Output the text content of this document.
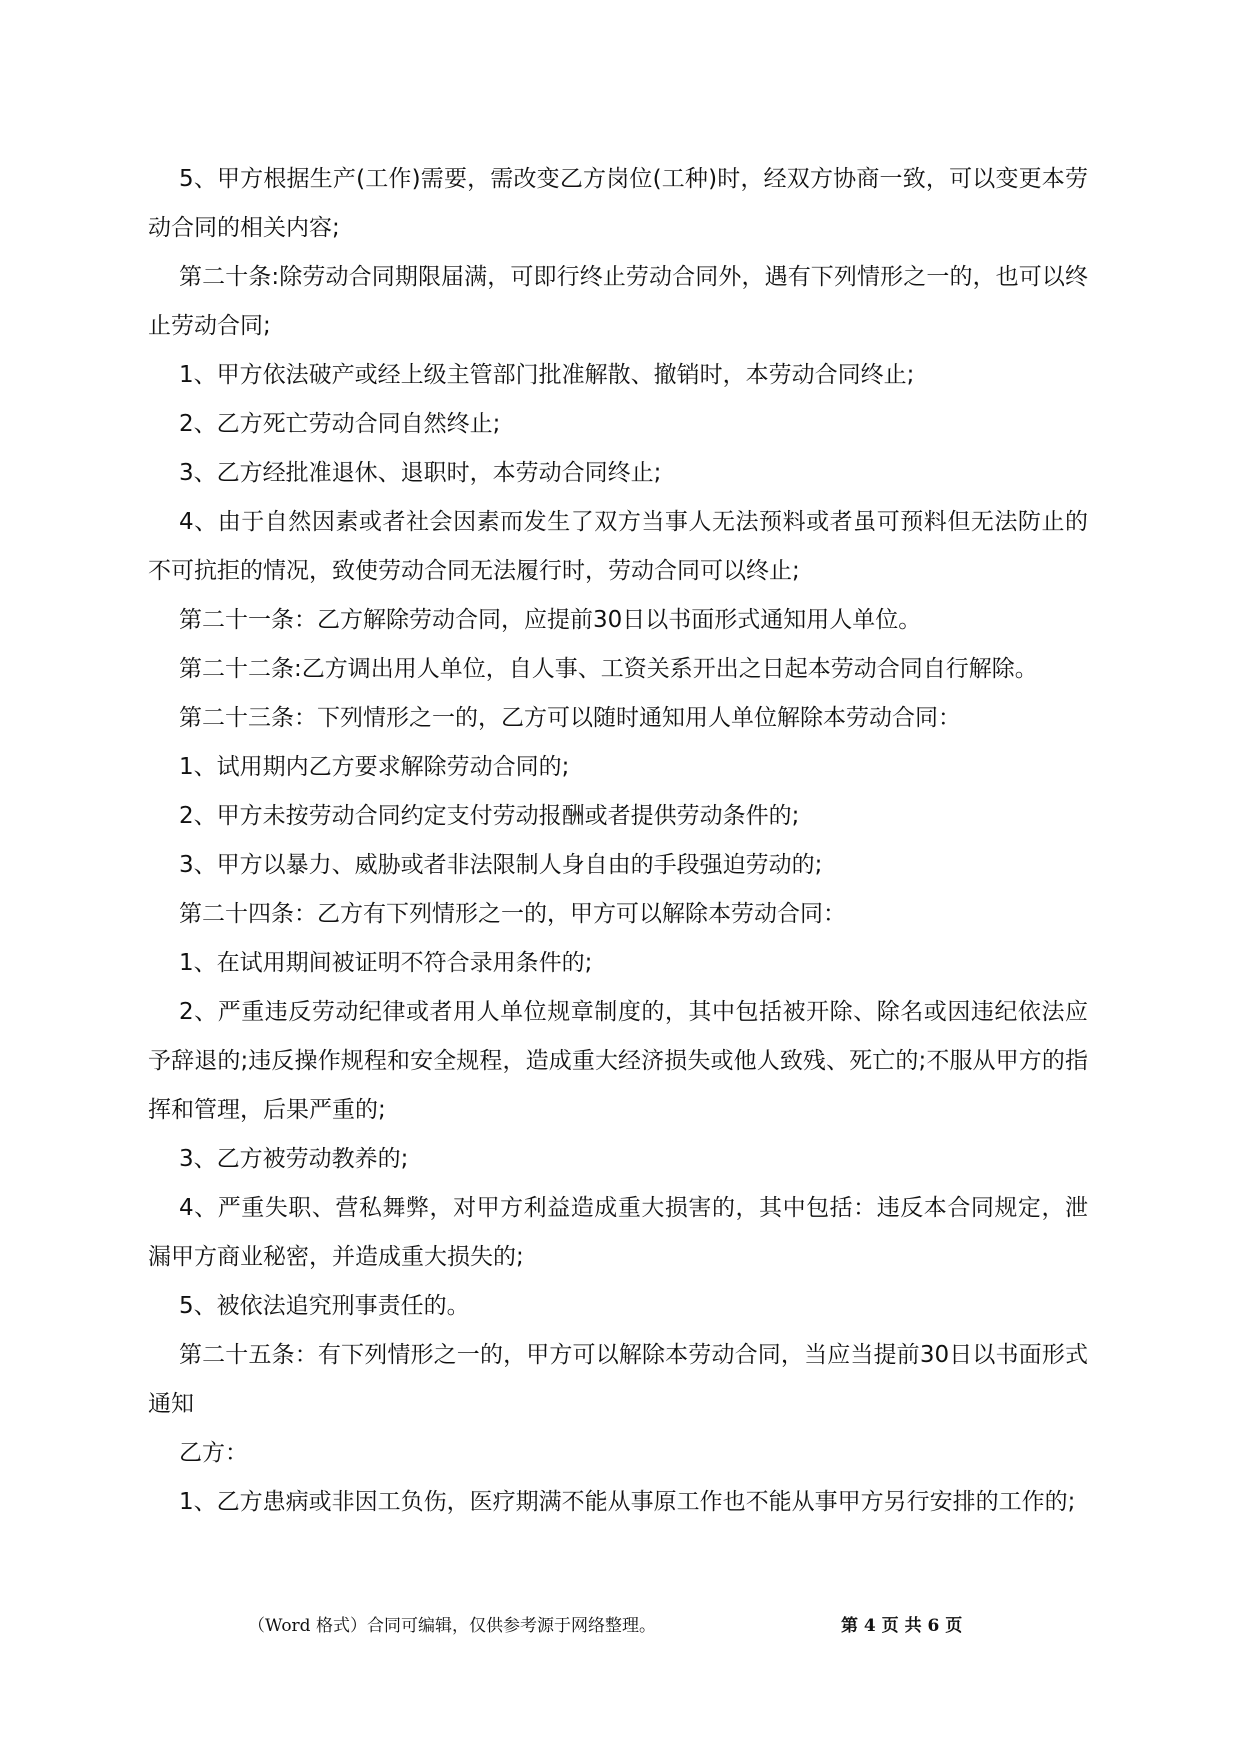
5、甲方根据生产(工作)需要，需改变乙方岗位(工种)时，经双方协商一致，可以变更本劳动合同的相关内容;

第二十条:除劳动合同期限届满，可即行终止劳动合同外，遇有下列情形之一的，也可以终止劳动合同;

1、甲方依法破产或经上级主管部门批准解散、撤销时，本劳动合同终止;

2、乙方死亡劳动合同自然终止;

3、乙方经批准退休、退职时，本劳动合同终止;

4、由于自然因素或者社会因素而发生了双方当事人无法预料或者虽可预料但无法防止的不可抗拒的情况，致使劳动合同无法履行时，劳动合同可以终止;

第二十一条：乙方解除劳动合同，应提前30日以书面形式通知用人单位。

第二十二条:乙方调出用人单位，自人事、工资关系开出之日起本劳动合同自行解除。

第二十三条：下列情形之一的，乙方可以随时通知用人单位解除本劳动合同：

1、试用期内乙方要求解除劳动合同的;

2、甲方未按劳动合同约定支付劳动报酬或者提供劳动条件的;

3、甲方以暴力、威胁或者非法限制人身自由的手段强迫劳动的;

第二十四条：乙方有下列情形之一的，甲方可以解除本劳动合同：

1、在试用期间被证明不符合录用条件的;

2、严重违反劳动纪律或者用人单位规章制度的，其中包括被开除、除名或因违纪依法应予辞退的;违反操作规程和安全规程，造成重大经济损失或他人致残、死亡的;不服从甲方的指挥和管理，后果严重的;

3、乙方被劳动教养的;

4、严重失职、营私舞弊，对甲方利益造成重大损害的，其中包括：违反本合同规定，泄漏甲方商业秘密，并造成重大损失的;

5、被依法追究刑事责任的。

第二十五条：有下列情形之一的，甲方可以解除本劳动合同，当应当提前30日以书面形式通知

乙方：

1、乙方患病或非因工负伤，医疗期满不能从事原工作也不能从事甲方另行安排的工作的;

（Word 格式）合同可编辑，仅供参考源于网络整理。	第 4 页 共 6 页
